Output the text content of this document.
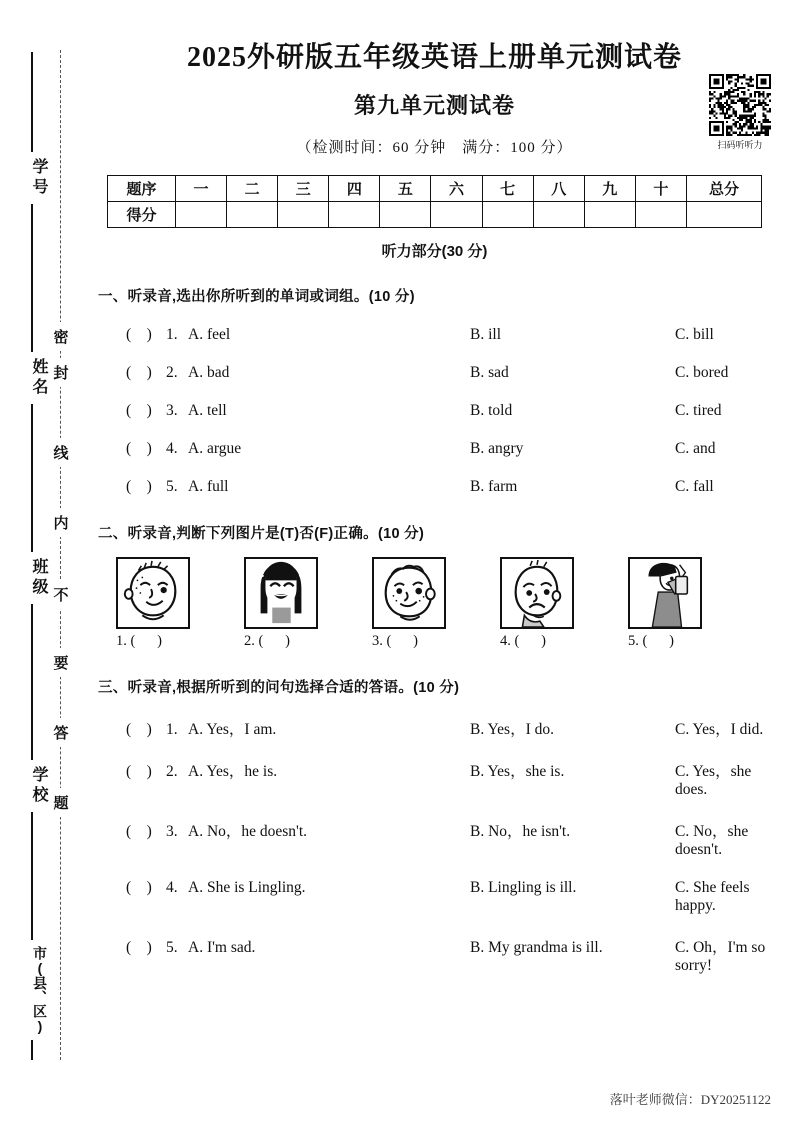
学号
姓名
班级
学校
市(县、区)
密
封
线
内
不
要
答
题
2025外研版五年级英语上册单元测试卷
第九单元测试卷
（检测时间：60 分钟　满分：100 分）	扫码听听力
题序	一	二	三	四	五	六	七	八	九	十	总分
得分											
听力部分(30 分)
一、听录音,选出你所听到的单词或词组。(10 分)
(    ) 1. A. feel	B. ill	C. bill
(    ) 2. A. bad	B. sad	C. bored
(    ) 3. A. tell	B. told	C. tired
(    ) 4. A. argue	B. angry	C. and
(    ) 5. A. full	B. farm	C. fall
二、听录音,判断下列图片是(T)否(F)正确。(10 分)
1. (      )	2. (      )	3. (      )	4. (      )	5. (      )
三、听录音,根据所听到的问句选择合适的答语。(10 分)
(    ) 1. A. Yes，I am.	B. Yes，I do.	C. Yes，I did.
(    ) 2. A. Yes，he is.	B. Yes，she is.	C. Yes，she does.
(    ) 3. A. No，he doesn't.	B. No，he isn't.	C. No，she doesn't.
(    ) 4. A. She is Lingling.	B. Lingling is ill.	C. She feels happy.
(    ) 5. A. I'm sad.	B. My grandma is ill.	C. Oh，I'm so sorry!
落叶老师微信：DY20251122
